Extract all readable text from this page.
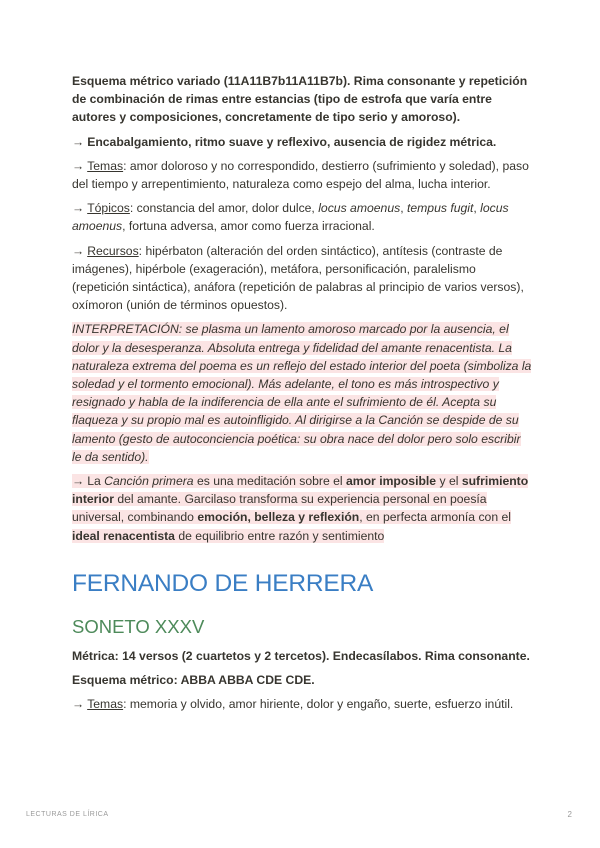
Esquema métrico variado (11A11B7b11A11B7b). Rima consonante y repetición de combinación de rimas entre estancias (tipo de estrofa que varía entre autores y composiciones, concretamente de tipo serio y amoroso).

→ Encabalgamiento, ritmo suave y reflexivo, ausencia de rigidez métrica.

→ Temas: amor doloroso y no correspondido, destierro (sufrimiento y soledad), paso del tiempo y arrepentimiento, naturaleza como espejo del alma, lucha interior.

→ Tópicos: constancia del amor, dolor dulce, locus amoenus, tempus fugit, locus amoenus, fortuna adversa, amor como fuerza irracional.

→ Recursos: hipérbaton (alteración del orden sintáctico), antítesis (contraste de imágenes), hipérbole (exageración), metáfora, personificación, paralelismo (repetición sintáctica), anáfora (repetición de palabras al principio de varios versos), oxímoron (unión de términos opuestos).

INTERPRETACIÓN: se plasma un lamento amoroso marcado por la ausencia, el dolor y la desesperanza. Absoluta entrega y fidelidad del amante renacentista. La naturaleza extrema del poema es un reflejo del estado interior del poeta (simboliza la soledad y el tormento emocional). Más adelante, el tono es más introspectivo y resignado y habla de la indiferencia de ella ante el sufrimiento de él. Acepta su flaqueza y su propio mal es autoinfligido. Al dirigirse a la Canción se despide de su lamento (gesto de autoconciencia poética: su obra nace del dolor pero solo escribir le da sentido).

→ La Canción primera es una meditación sobre el amor imposible y el sufrimiento interior del amante. Garcilaso transforma su experiencia personal en poesía universal, combinando emoción, belleza y reflexión, en perfecta armonía con el ideal renacentista de equilibrio entre razón y sentimiento

FERNANDO DE HERRERA
SONETO XXXV

Métrica: 14 versos (2 cuartetos y 2 tercetos). Endecasílabos. Rima consonante.

Esquema métrico: ABBA ABBA CDE CDE.

→ Temas: memoria y olvido, amor hiriente, dolor y engaño, suerte, esfuerzo inútil.

LECTURAS DE LÍRICA	2
